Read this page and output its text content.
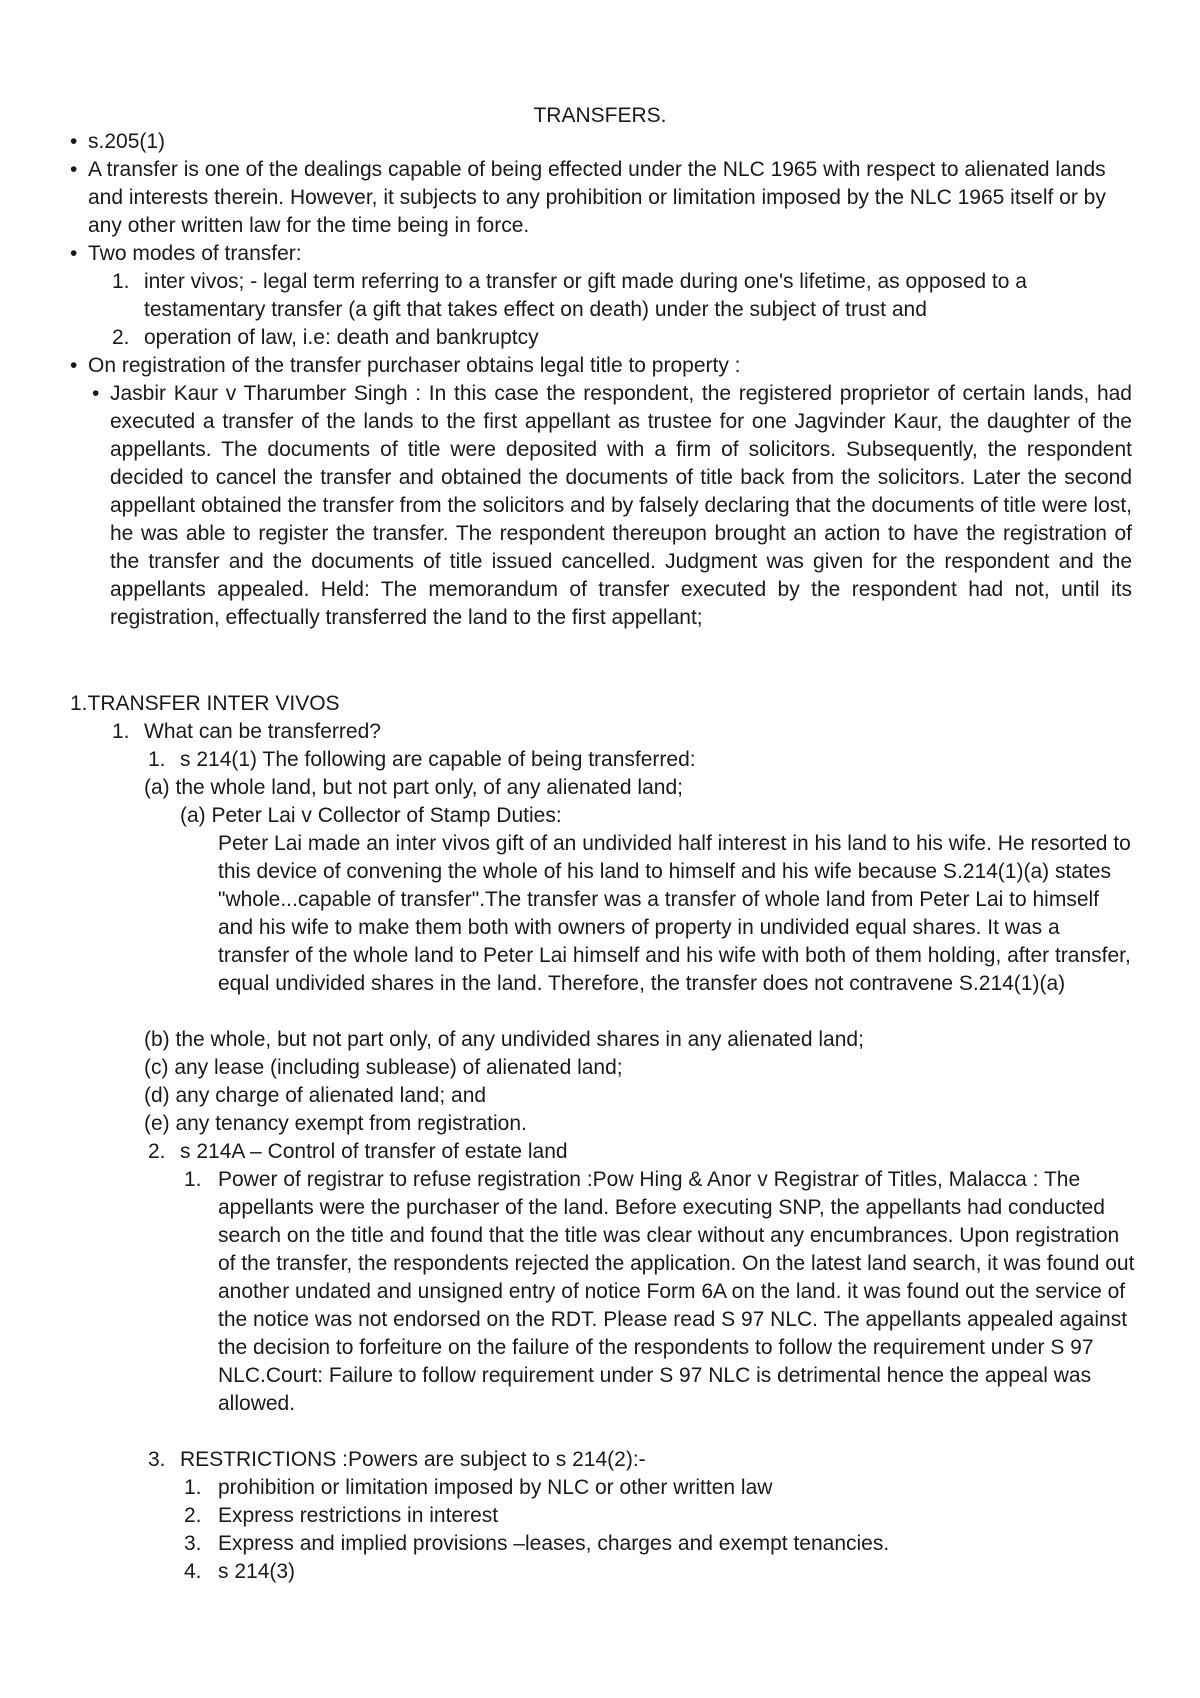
TRANSFERS.
• s.205(1)
• A transfer is one of the dealings capable of being effected under the NLC 1965 with respect to alienated lands and interests therein. However, it subjects to any prohibition or limitation imposed by the NLC 1965 itself or by any other written law for the time being in force.
• Two modes of transfer:
1. inter vivos; - legal term referring to a transfer or gift made during one's lifetime, as opposed to a testamentary transfer (a gift that takes effect on death) under the subject of trust and
2. operation of law, i.e: death and bankruptcy
• On registration of the transfer purchaser obtains legal title to property :
• Jasbir Kaur v Tharumber Singh : In this case the respondent, the registered proprietor of certain lands, had executed a transfer of the lands to the first appellant as trustee for one Jagvinder Kaur, the daughter of the appellants. The documents of title were deposited with a firm of solicitors. Subsequently, the respondent decided to cancel the transfer and obtained the documents of title back from the solicitors. Later the second appellant obtained the transfer from the solicitors and by falsely declaring that the documents of title were lost, he was able to register the transfer. The respondent thereupon brought an action to have the registration of the transfer and the documents of title issued cancelled. Judgment was given for the respondent and the appellants appealed. Held: The memorandum of transfer executed by the respondent had not, until its registration, effectually transferred the land to the first appellant;
1.TRANSFER INTER VIVOS
1. What can be transferred?
1. s 214(1) The following are capable of being transferred:
(a) the whole land, but not part only, of any alienated land;
(a) Peter Lai v Collector of Stamp Duties:
Peter Lai made an inter vivos gift of an undivided half interest in his land to his wife. He resorted to this device of convening the whole of his land to himself and his wife because S.214(1)(a) states "whole...capable of transfer".The transfer was a transfer of whole land from Peter Lai to himself and his wife to make them both with owners of property in undivided equal shares. It was a transfer of the whole land to Peter Lai himself and his wife with both of them holding, after transfer, equal undivided shares in the land. Therefore, the transfer does not contravene S.214(1)(a)
(b) the whole, but not part only, of any undivided shares in any alienated land;
(c) any lease (including sublease) of alienated land;
(d) any charge of alienated land; and
(e) any tenancy exempt from registration.
2. s 214A – Control of transfer of estate land
1. Power of registrar to refuse registration :Pow Hing & Anor v Registrar of Titles, Malacca : The appellants were the purchaser of the land. Before executing SNP, the appellants had conducted search on the title and found that the title was clear without any encumbrances. Upon registration of the transfer, the respondents rejected the application. On the latest land search, it was found out another undated and unsigned entry of notice Form 6A on the land. it was found out the service of the notice was not endorsed on the RDT. Please read S 97 NLC. The appellants appealed against the decision to forfeiture on the failure of the respondents to follow the requirement under S 97 NLC.Court: Failure to follow requirement under S 97 NLC is detrimental hence the appeal was allowed.
3. RESTRICTIONS :Powers are subject to s 214(2):-
1. prohibition or limitation imposed by NLC or other written law
2. Express restrictions in interest
3. Express and implied provisions –leases, charges and exempt tenancies.
4. s 214(3)
